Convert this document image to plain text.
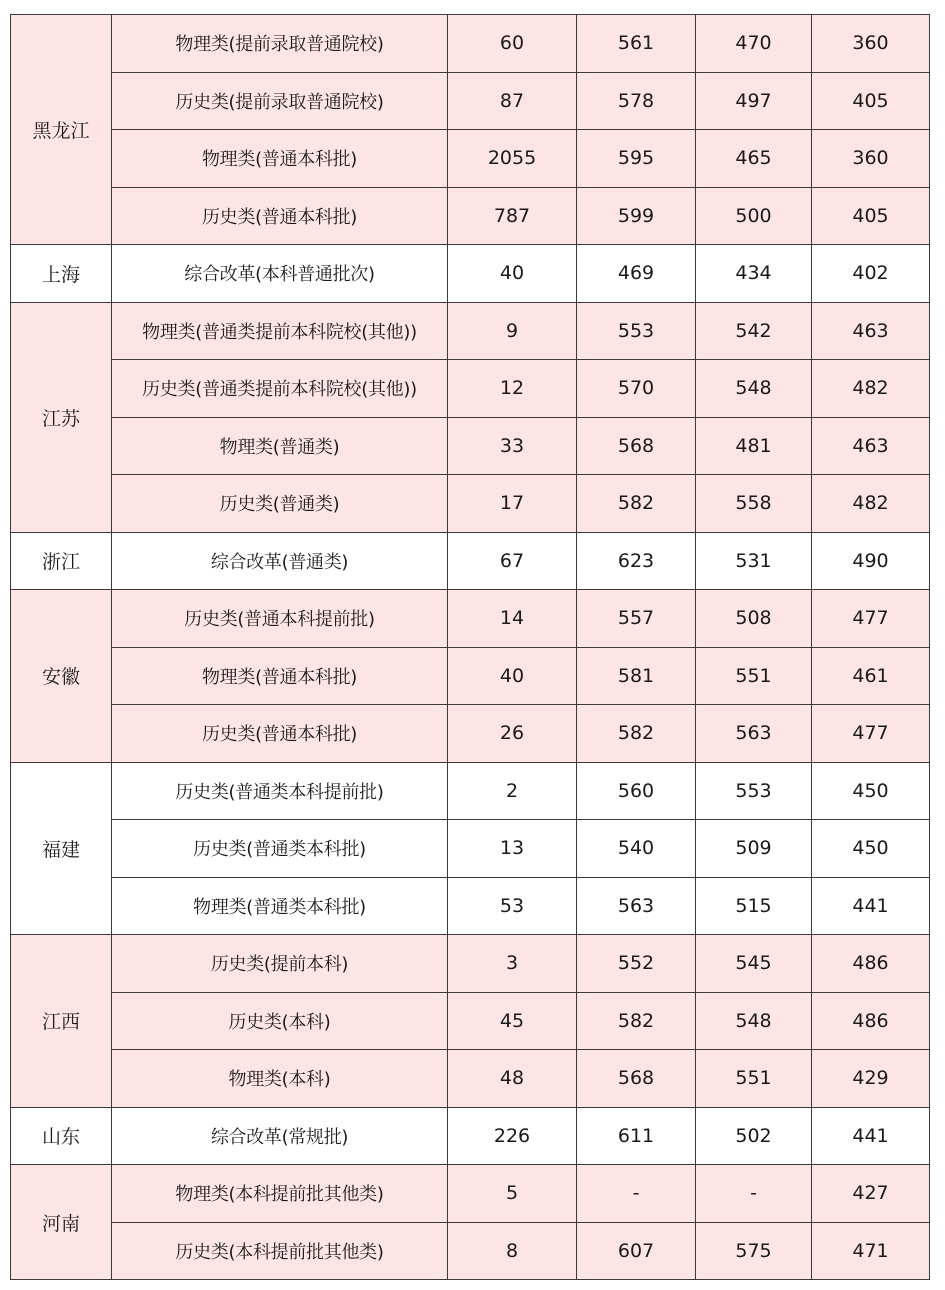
黑龙江	物理类(提前录取普通院校)	60	561	470	360
	历史类(提前录取普通院校)	87	578	497	405
	物理类(普通本科批)	2055	595	465	360
	历史类(普通本科批)	787	599	500	405
上海	综合改革(本科普通批次)	40	469	434	402
江苏	物理类(普通类提前本科院校(其他))	9	553	542	463
	历史类(普通类提前本科院校(其他))	12	570	548	482
	物理类(普通类)	33	568	481	463
	历史类(普通类)	17	582	558	482
浙江	综合改革(普通类)	67	623	531	490
安徽	历史类(普通本科提前批)	14	557	508	477
	物理类(普通本科批)	40	581	551	461
	历史类(普通本科批)	26	582	563	477
福建	历史类(普通类本科提前批)	2	560	553	450
	历史类(普通类本科批)	13	540	509	450
	物理类(普通类本科批)	53	563	515	441
江西	历史类(提前本科)	3	552	545	486
	历史类(本科)	45	582	548	486
	物理类(本科)	48	568	551	429
山东	综合改革(常规批)	226	611	502	441
河南	物理类(本科提前批其他类)	5	-	-	427
	历史类(本科提前批其他类)	8	607	575	471
